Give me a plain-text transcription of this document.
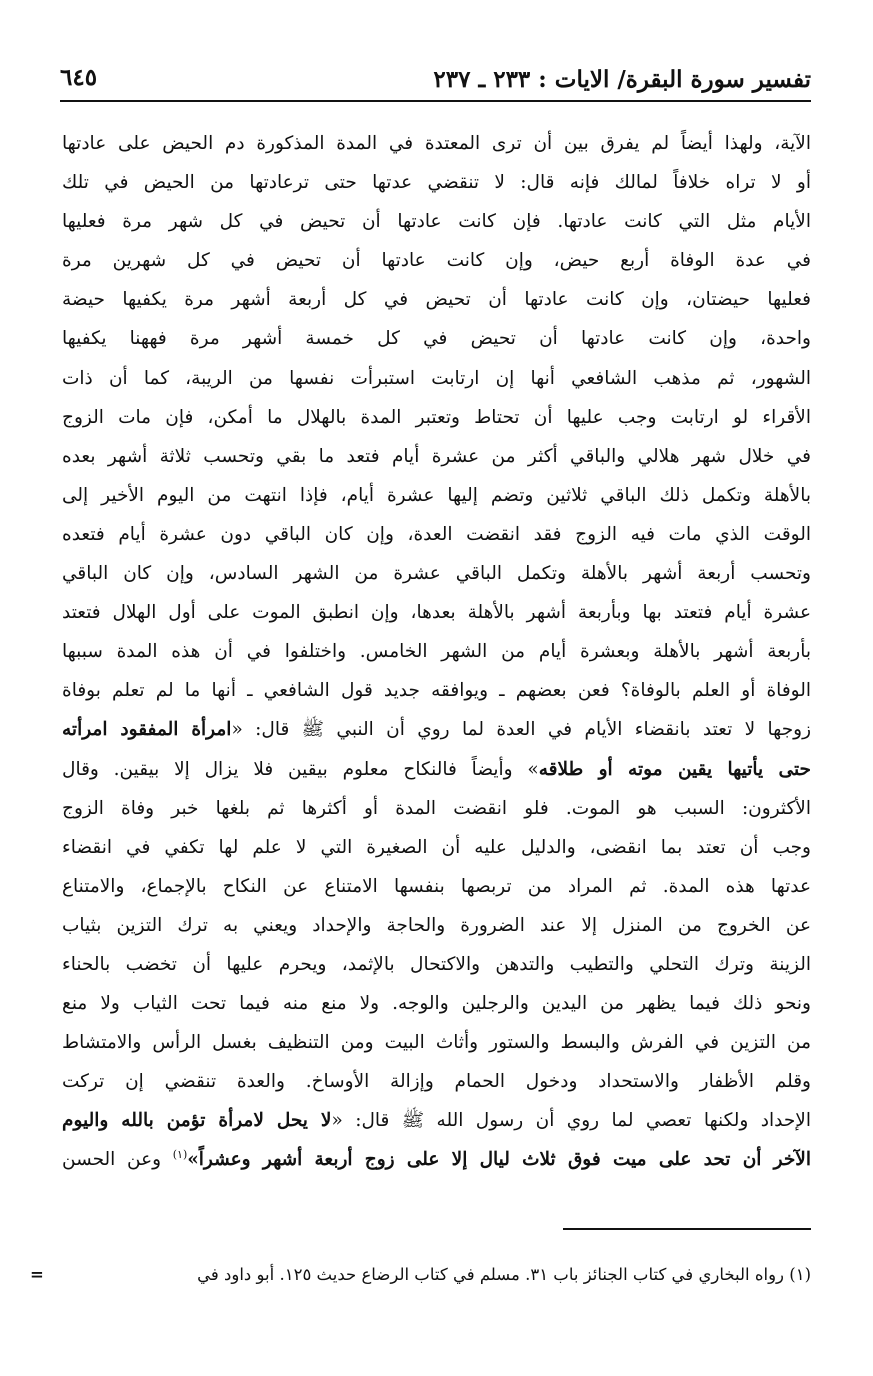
تفسير سورة البقرة/ الايات : ٢٣٣ ـ ٢٣٧
٦٤٥
الآية، ولهذا أيضاً لم يفرق بين أن ترى المعتدة في المدة المذكورة دم الحيض على عادتها
أو لا تراه خلافاً لمالك فإنه قال: لا تنقضي عدتها حتى ترعادتها من الحيض في تلك
الأيام مثل التي كانت عادتها. فإن كانت عادتها أن تحيض في كل شهر مرة فعليها
في عدة الوفاة أربع حيض، وإن كانت عادتها أن تحيض في كل شهرين مرة
فعليها حيضتان، وإن كانت عادتها أن تحيض في كل أربعة أشهر مرة يكفيها حيضة
واحدة، وإن كانت عادتها أن تحيض في كل خمسة أشهر مرة فههنا يكفيها
الشهور، ثم مذهب الشافعي أنها إن ارتابت استبرأت نفسها من الريبة، كما أن ذات
الأقراء لو ارتابت وجب عليها أن تحتاط وتعتبر المدة بالهلال ما أمكن، فإن مات الزوج
في خلال شهر هلالي والباقي أكثر من عشرة أيام فتعد ما بقي وتحسب ثلاثة أشهر بعده
بالأهلة وتكمل ذلك الباقي ثلاثين وتضم إليها عشرة أيام، فإذا انتهت من اليوم الأخير إلى
الوقت الذي مات فيه الزوج فقد انقضت العدة، وإن كان الباقي دون عشرة أيام فتعده
وتحسب أربعة أشهر بالأهلة وتكمل الباقي عشرة من الشهر السادس، وإن كان الباقي
عشرة أيام فتعتد بها وبأربعة أشهر بالأهلة بعدها، وإن انطبق الموت على أول الهلال فتعتد
بأربعة أشهر بالأهلة وبعشرة أيام من الشهر الخامس. واختلفوا في أن هذه المدة سببها
الوفاة أو العلم بالوفاة؟ فعن بعضهم ـ ويوافقه جديد قول الشافعي ـ أنها ما لم تعلم بوفاة
زوجها لا تعتد بانقضاء الأيام في العدة لما روي أن النبي ﷺ قال: «امرأة المفقود امرأته
حتى يأتيها يقين موته أو طلاقه» وأيضاً فالنكاح معلوم بيقين فلا يزال إلا بيقين. وقال
الأكثرون: السبب هو الموت. فلو انقضت المدة أو أكثرها ثم بلغها خبر وفاة الزوج
وجب أن تعتد بما انقضى، والدليل عليه أن الصغيرة التي لا علم لها تكفي في انقضاء
عدتها هذه المدة. ثم المراد من تربصها بنفسها الامتناع عن النكاح بالإجماع، والامتناع
عن الخروج من المنزل إلا عند الضرورة والحاجة والإحداد ويعني به ترك التزين بثياب
الزينة وترك التحلي والتطيب والتدهن والاكتحال بالإثمد، ويحرم عليها أن تخضب بالحناء
ونحو ذلك فيما يظهر من اليدين والرجلين والوجه. ولا منع منه فيما تحت الثياب ولا منع
من التزين في الفرش والبسط والستور وأثاث البيت ومن التنظيف بغسل الرأس والامتشاط
وقلم الأظفار والاستحداد ودخول الحمام وإزالة الأوساخ. والعدة تنقضي إن تركت
الإحداد ولكنها تعصي لما روي أن رسول الله ﷺ قال: «لا يحل لامرأة تؤمن بالله واليوم
الآخر أن تحد على ميت فوق ثلاث ليال إلا على زوج أربعة أشهر وعشراً»$^{(١)}$ وعن الحسن
(١) رواه البخاري في كتاب الجنائز باب ٣١. مسلم في كتاب الرضاع حديث ١٢٥. أبو داود في
=
